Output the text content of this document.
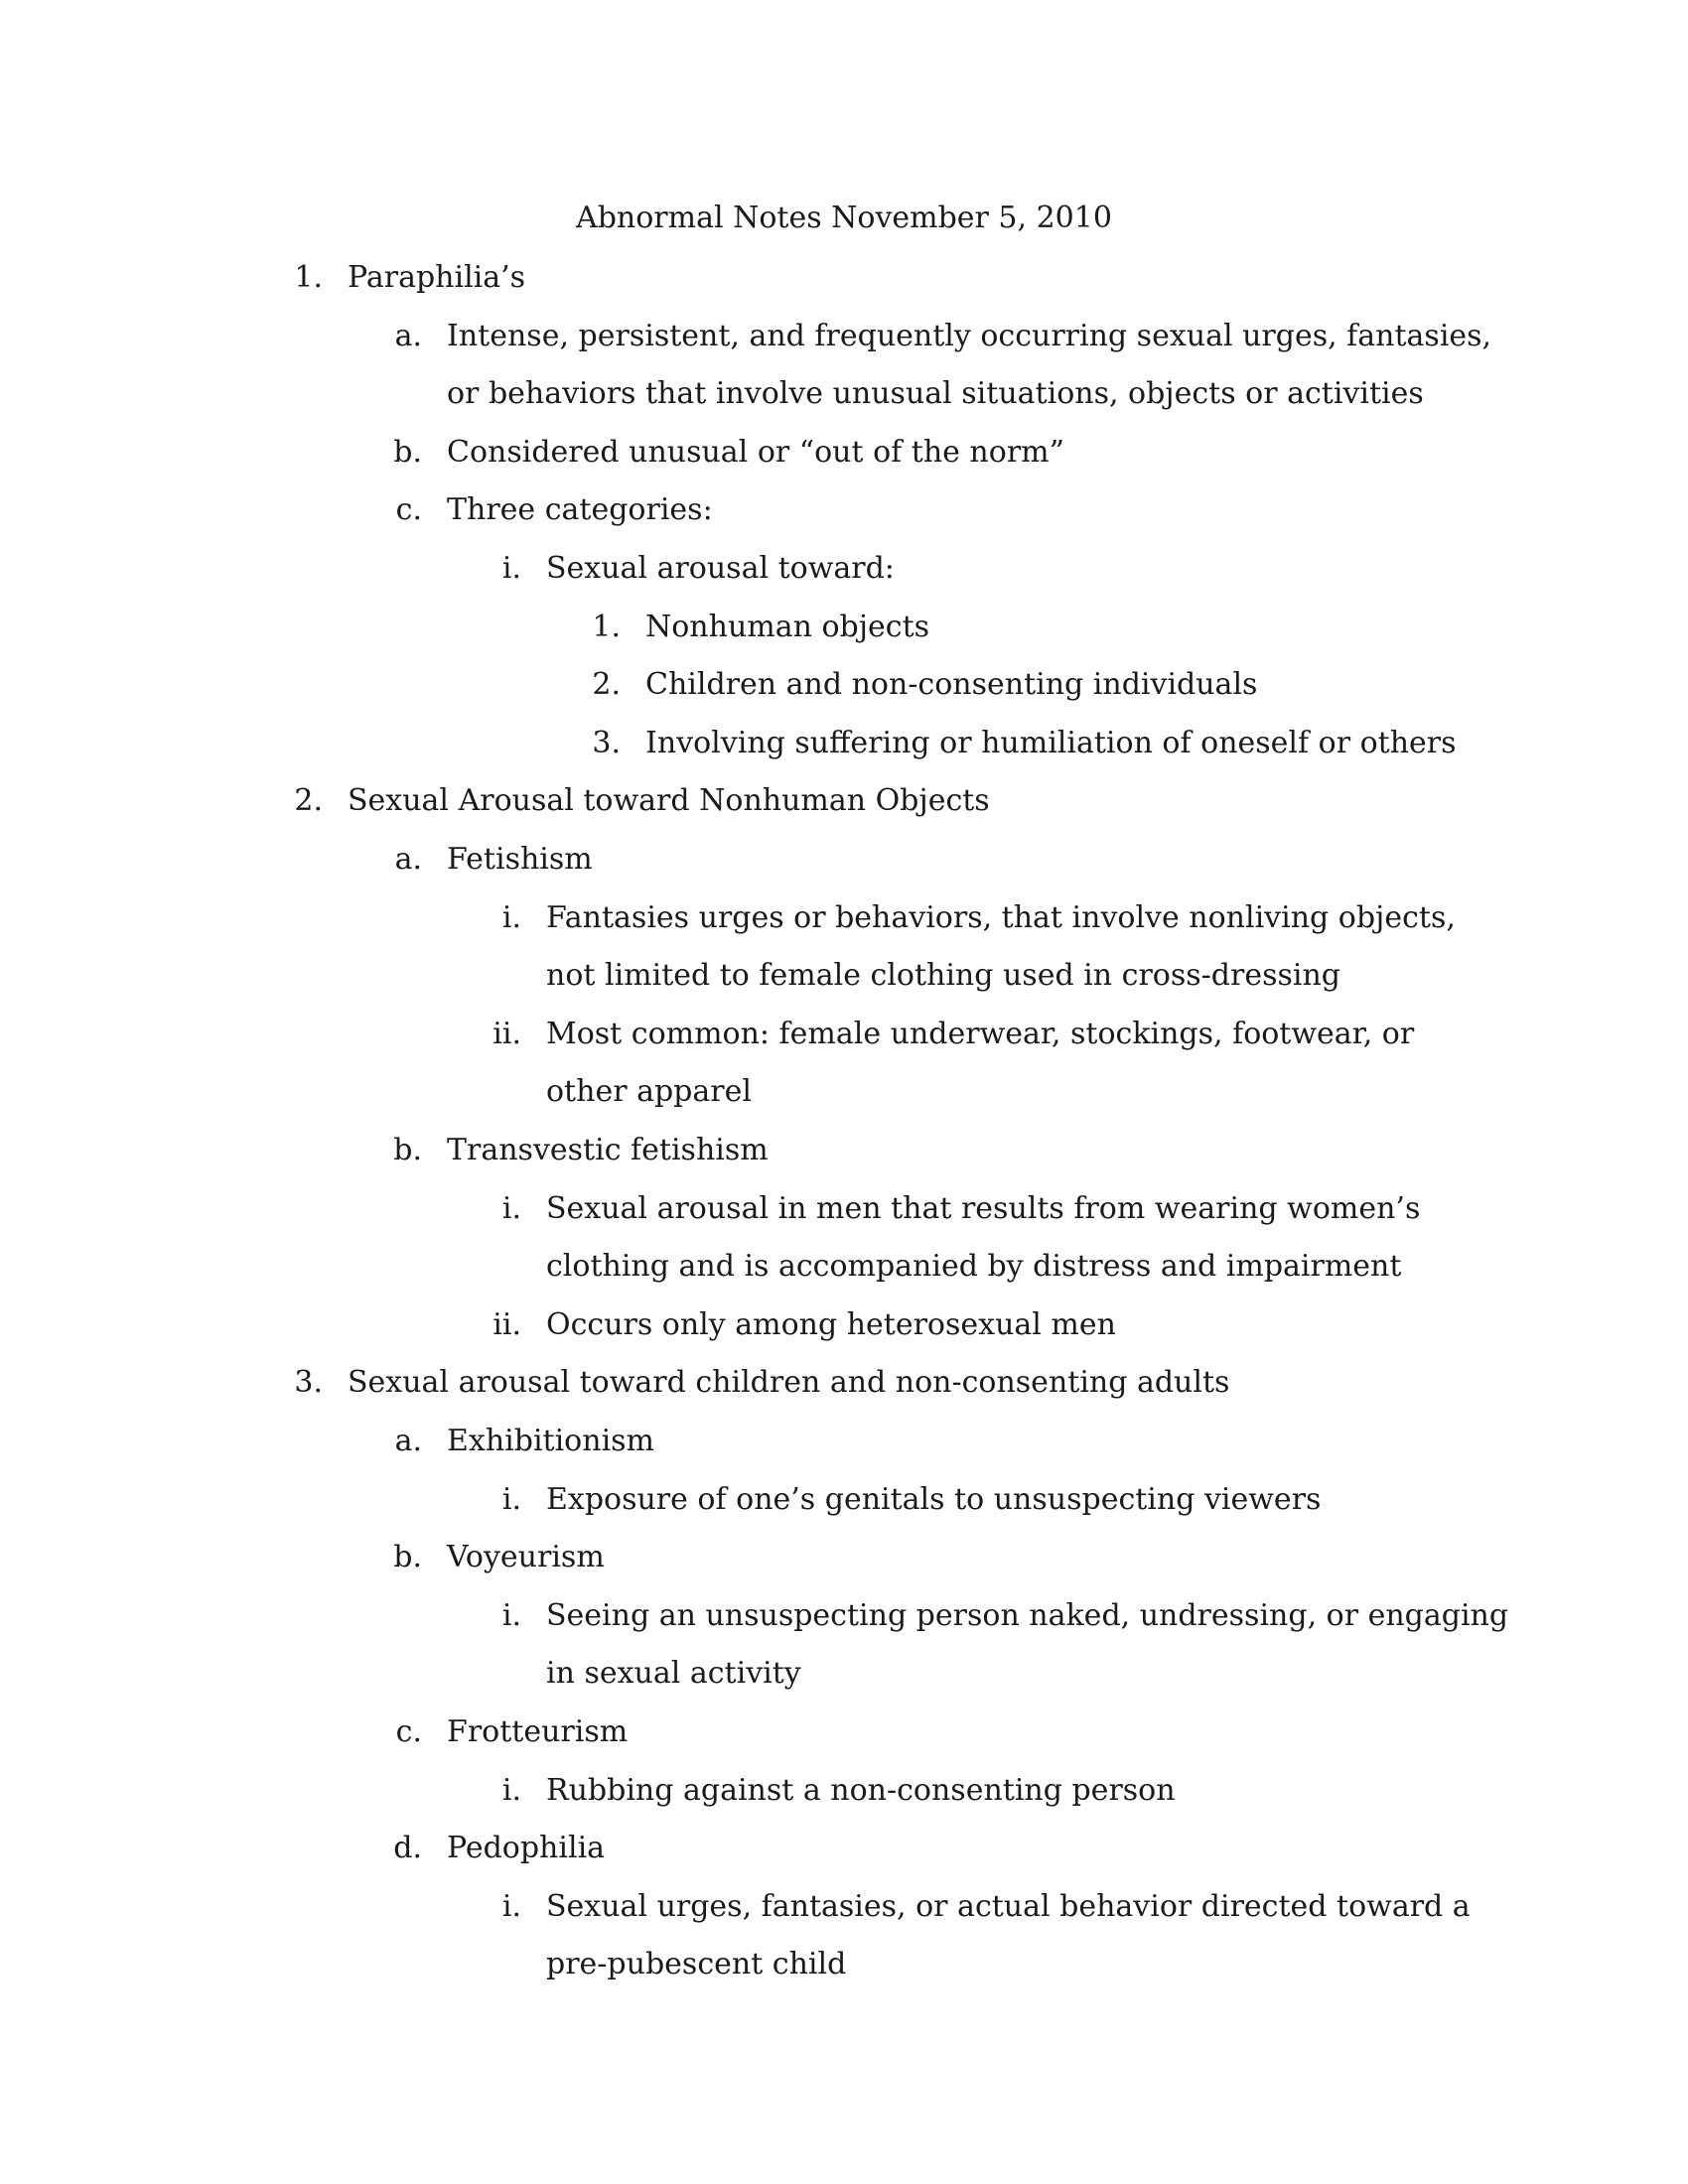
Abnormal Notes November 5, 2010
1. Paraphilia’s
a. Intense, persistent, and frequently occurring sexual urges, fantasies,
or behaviors that involve unusual situations, objects or activities
b. Considered unusual or “out of the norm”
c. Three categories:
i. Sexual arousal toward:
1. Nonhuman objects
2. Children and non-consenting individuals
3. Involving suffering or humiliation of oneself or others
2. Sexual Arousal toward Nonhuman Objects
a. Fetishism
i. Fantasies urges or behaviors, that involve nonliving objects,
not limited to female clothing used in cross-dressing
ii. Most common: female underwear, stockings, footwear, or
other apparel
b. Transvestic fetishism
i. Sexual arousal in men that results from wearing women’s
clothing and is accompanied by distress and impairment
ii. Occurs only among heterosexual men
3. Sexual arousal toward children and non-consenting adults
a. Exhibitionism
i. Exposure of one’s genitals to unsuspecting viewers
b. Voyeurism
i. Seeing an unsuspecting person naked, undressing, or engaging
in sexual activity
c. Frotteurism
i. Rubbing against a non-consenting person
d. Pedophilia
i. Sexual urges, fantasies, or actual behavior directed toward a
pre-pubescent child
